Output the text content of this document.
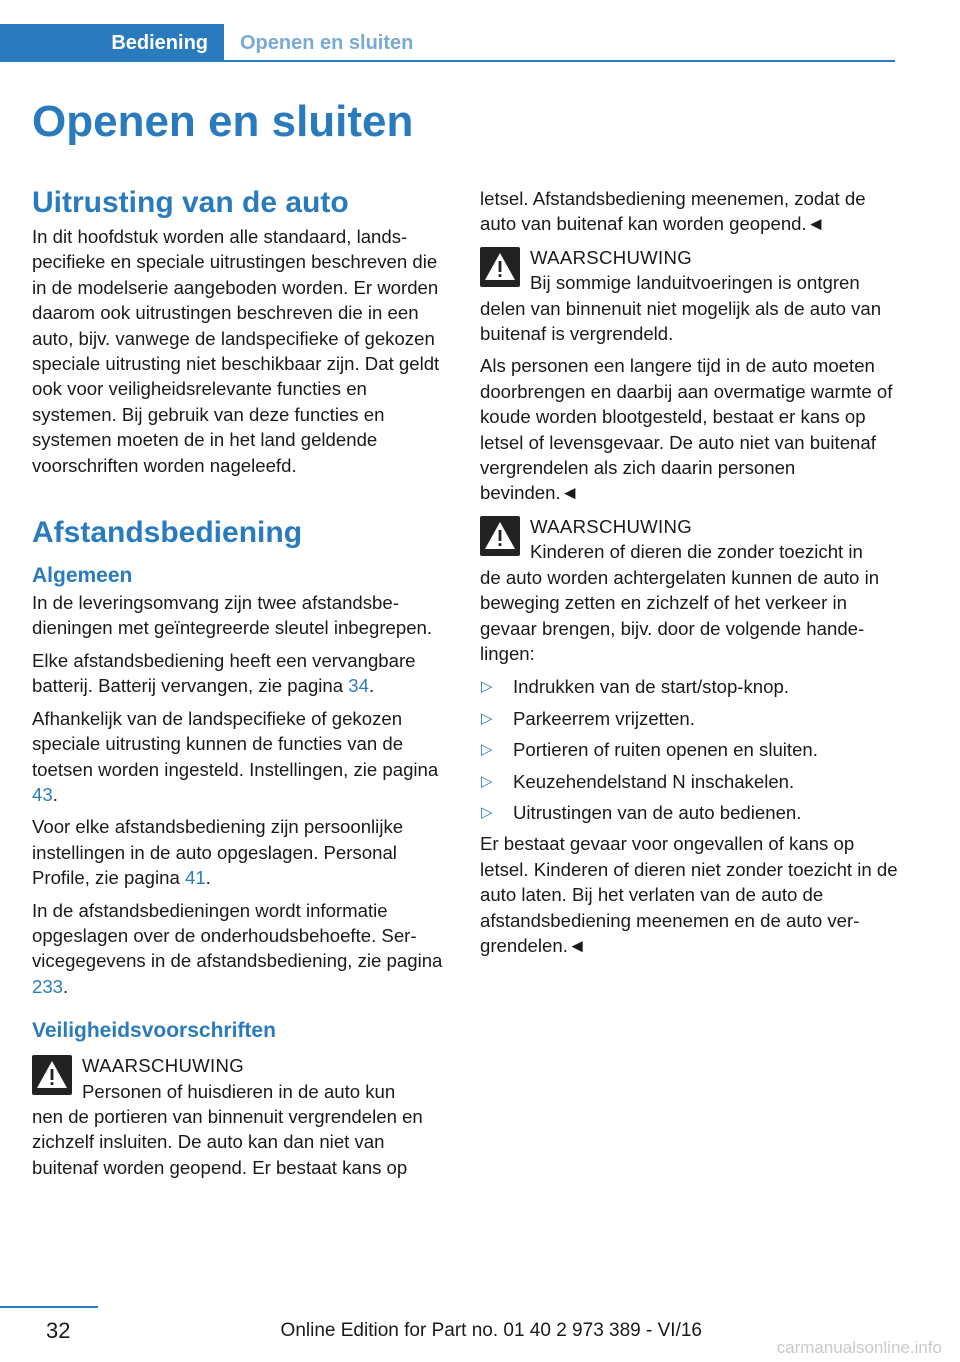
Bediening	Openen en sluiten
Openen en sluiten
Uitrusting van de auto

In dit hoofdstuk worden alle standaard, landspecifieke en speciale uitrustingen beschreven die in de modelserie aangeboden worden. Er worden daarom ook uitrustingen beschreven die in een auto, bijv. vanwege de landspecifieke of gekozen speciale uitrusting niet beschikbaar zijn. Dat geldt ook voor veiligheidsrelevante functies en systemen. Bij gebruik van deze functies en systemen moeten de in het land geldende voorschriften worden nageleefd.

Afstandsbediening
Algemeen

In de leveringsomvang zijn twee afstandsbedieningen met geïntegreerde sleutel inbegrepen.

Elke afstandsbediening heeft een vervangbare batterij. Batterij vervangen, zie pagina 34.

Afhankelijk van de landspecifieke of gekozen speciale uitrusting kunnen de functies van de toetsen worden ingesteld. Instellingen, zie pagina 43.

Voor elke afstandsbediening zijn persoonlijke instellingen in de auto opgeslagen. Personal Profile, zie pagina 41.

In de afstandsbedieningen wordt informatie opgeslagen over de onderhoudsbehoefte. Servicegegevens in de afstandsbediening, zie pagina 233.

Veiligheidsvoorschriften
WAARSCHUWING
Personen of huisdieren in de auto kun

nen de portieren van binnenuit vergrendelen en zichzelf insluiten. De auto kan dan niet van buitenaf worden geopend. Er bestaat kans op

letsel. Afstandsbediening meenemen, zodat de auto van buitenaf kan worden geopend.◄

WAARSCHUWING
Bij sommige landuitvoeringen is ontgren

delen van binnenuit niet mogelijk als de auto van buitenaf is vergrendeld.

Als personen een langere tijd in de auto moeten doorbrengen en daarbij aan overmatige warmte of koude worden blootgesteld, bestaat er kans op letsel of levensgevaar. De auto niet van buitenaf vergrendelen als zich daarin personen bevinden.◄

WAARSCHUWING
Kinderen of dieren die zonder toezicht in

de auto worden achtergelaten kunnen de auto in beweging zetten en zichzelf of het verkeer in gevaar brengen, bijv. door de volgende handelingen:

▷ Indrukken van de start/stop-knop.
▷ Parkeerrem vrijzetten.
▷ Portieren of ruiten openen en sluiten.
▷ Keuzehendelstand N inschakelen.
▷ Uitrustingen van de auto bedienen.

Er bestaat gevaar voor ongevallen of kans op letsel. Kinderen of dieren niet zonder toezicht in de auto laten. Bij het verlaten van de auto de afstandsbediening meenemen en de auto vergrendelen.◄

32	Online Edition for Part no. 01 40 2 973 389 - VI/16
carmanualsonline.info
